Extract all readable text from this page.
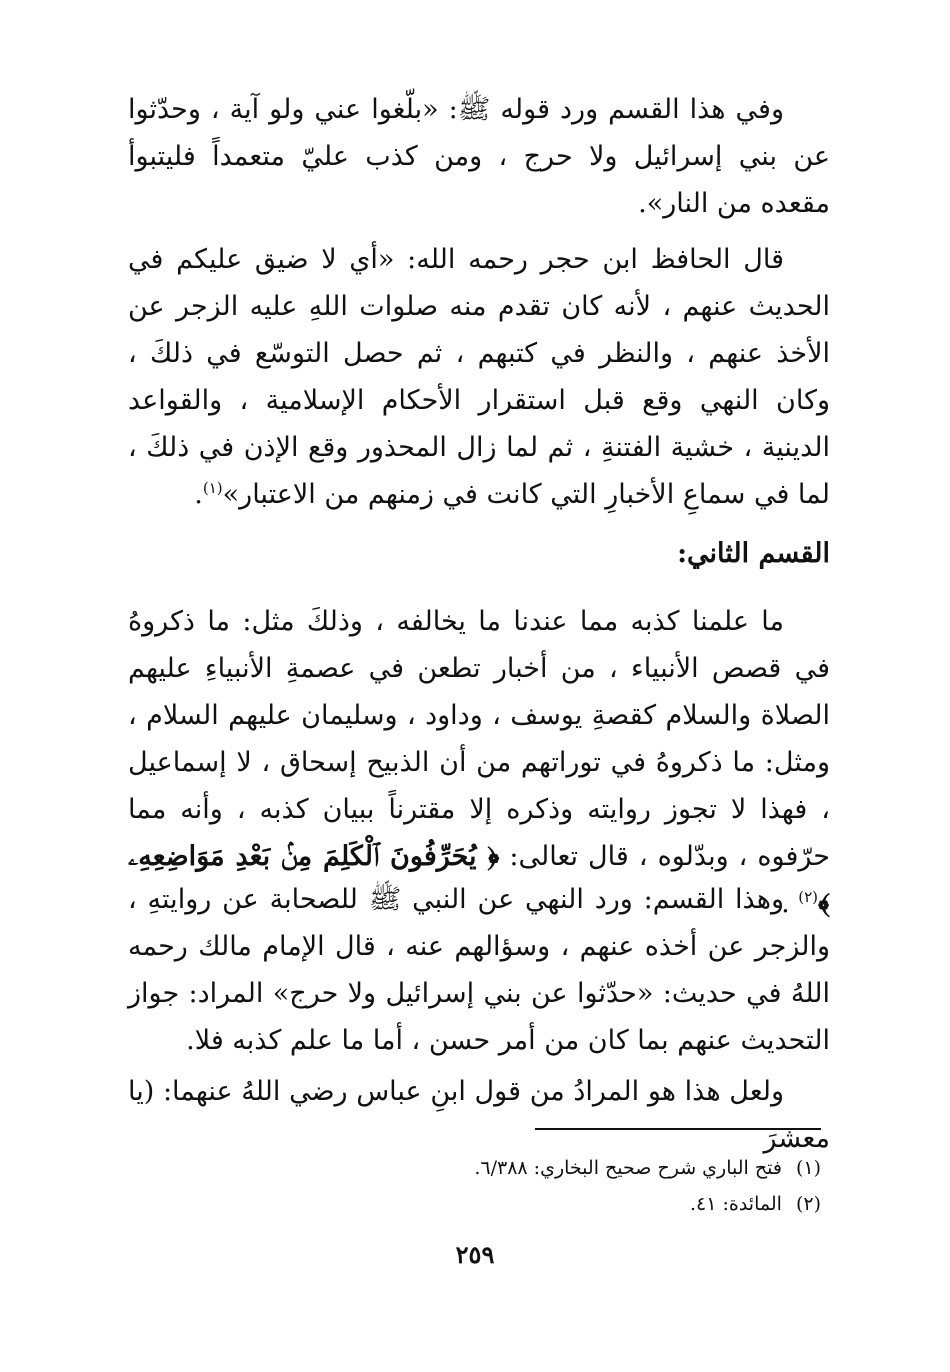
وفي هذا القسم ورد قوله ﷺ: «بلّغوا عني ولو آية ، وحدّثوا عن بني إسرائيل ولا حرج ، ومن كذب عليّ متعمداً فليتبوأ مقعده من النار».

قال الحافظ ابن حجر رحمه الله: «أي لا ضيق عليكم في الحديث عنهم ، لأنه كان تقدم منه صلوات اللهِ عليه الزجر عن الأخذ عنهم ، والنظر في كتبهم ، ثم حصل التوسّع في ذلكَ ، وكان النهي وقع قبل استقرار الأحكام الإسلامية ، والقواعد الدينية ، خشية الفتنةِ ، ثم لما زال المحذور وقع الإذن في ذلكَ ، لما في سماعِ الأخبارِ التي كانت في زمنهم من الاعتبار»$^{(١)}$.

القسم الثاني:

ما علمنا كذبه مما عندنا ما يخالفه ، وذلكَ مثل: ما ذكروهُ في قصص الأنبياء ، من أخبار تطعن في عصمةِ الأنبياءِ عليهم الصلاة والسلام كقصةِ يوسف ، وداود ، وسليمان عليهم السلام ، ومثل: ما ذكروهُ في توراتهم من أن الذبيح إسحاق ، لا إسماعيل ، فهذا لا تجوز روايته وذكره إلا مقترناً ببيان كذبه ، وأنه مما حرّفوه ، وبدّلوه ، قال تعالى: ﴿ يُحَرِّفُونَ ٱلْكَلِمَ مِنۢ بَعْدِ مَوَاضِعِهِۦ ﴾$^{(٢)}$ .

وهذا القسم: ورد النهي عن النبي ﷺ للصحابة عن روايتهِ ، والزجر عن أخذه عنهم ، وسؤالهم عنه ، قال الإمام مالك رحمه اللهُ في حديث: «حدّثوا عن بني إسرائيل ولا حرج» المراد: جواز التحديث عنهم بما كان من أمر حسن ، أما ما علم كذبه فلا.

ولعل هذا هو المرادُ من قول ابنِ عباس رضي اللهُ عنهما: (يا معشرَ

(١)فتح الباري شرح صحيح البخاري: ٦/٣٨٨.
(٢)المائدة: ٤١.
٢٥٩
